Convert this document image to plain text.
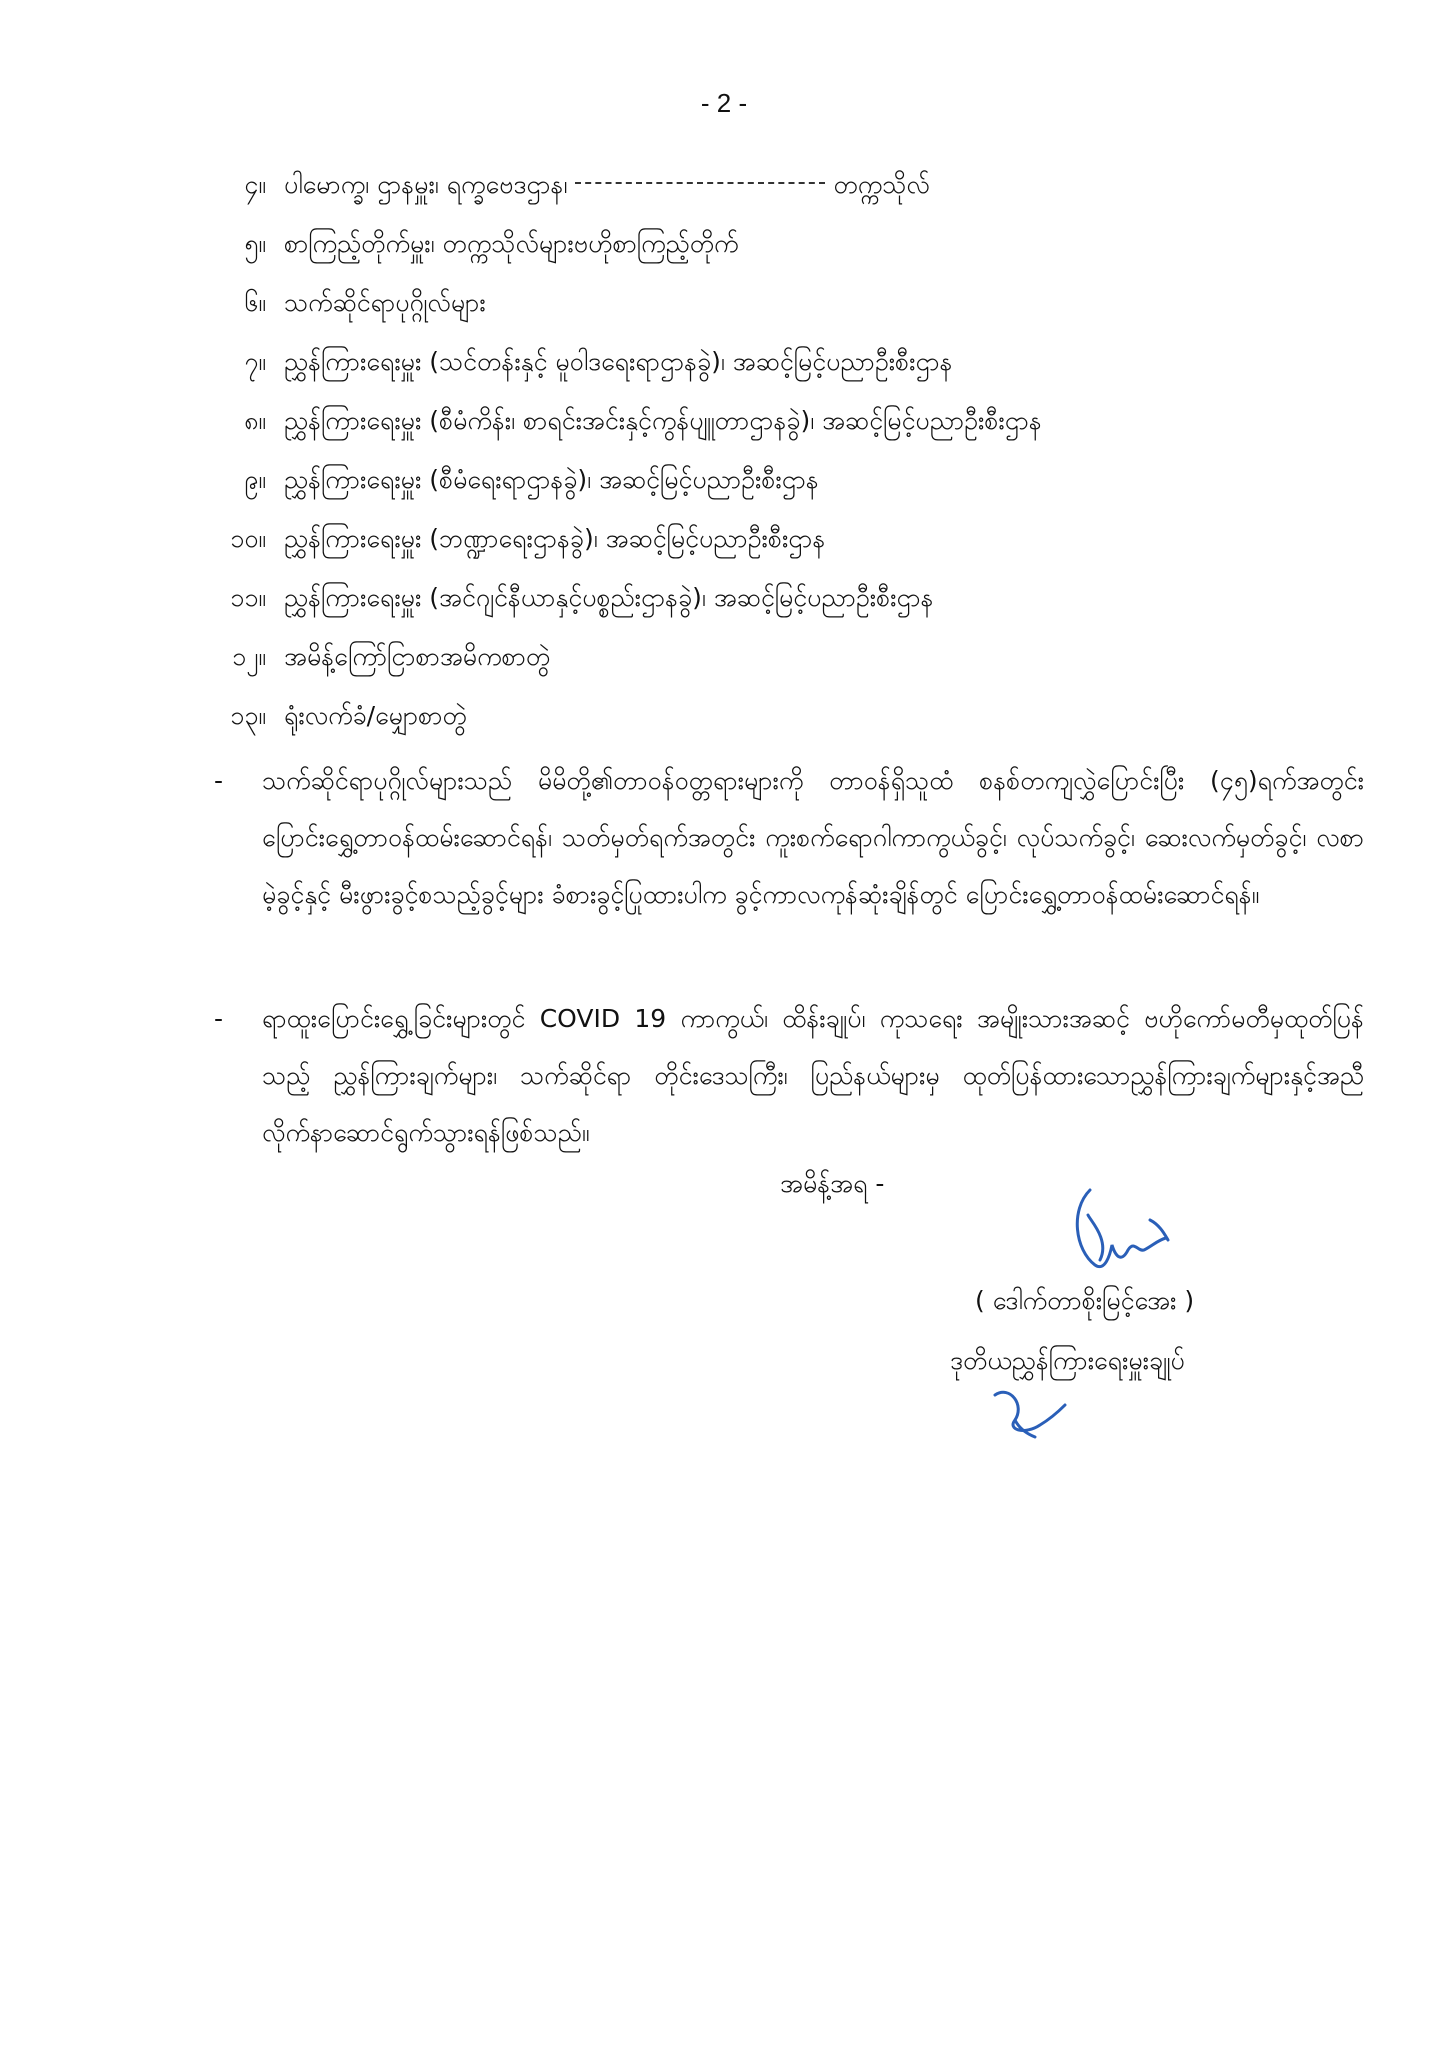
- 2 -
၄။ ပါမောက္ခ၊ ဌာနမှူး၊ ရက္ခဗေဒဌာန၊	တက္ကသိုလ်
၅။ စာကြည့်တိုက်မှူး၊ တက္ကသိုလ်များဗဟိုစာကြည့်တိုက်
၆။ သက်ဆိုင်ရာပုဂ္ဂိုလ်များ
၇။ ညွှန်ကြားရေးမှူး (သင်တန်းနှင့် မူဝါဒရေးရာဌာနခွဲ)၊ အဆင့်မြင့်ပညာဦးစီးဌာန
၈။ ညွှန်ကြားရေးမှူး (စီမံကိန်း၊ စာရင်းအင်းနှင့်ကွန်ပျူတာဌာနခွဲ)၊ အဆင့်မြင့်ပညာဦးစီးဌာန
၉။ ညွှန်ကြားရေးမှူး (စီမံရေးရာဌာနခွဲ)၊ အဆင့်မြင့်ပညာဦးစီးဌာန
၁၀။ ညွှန်ကြားရေးမှူး (ဘဏ္ဍာရေးဌာနခွဲ)၊ အဆင့်မြင့်ပညာဦးစီးဌာန
၁၁။ ညွှန်ကြားရေးမှူး (အင်ဂျင်နီယာနှင့်ပစ္စည်းဌာနခွဲ)၊ အဆင့်မြင့်ပညာဦးစီးဌာန
၁၂။ အမိန့်ကြော်ငြာစာအမိကစာတွဲ
၁၃။ ရုံးလက်ခံ/မျှောစာတွဲ
- သက်ဆိုင်ရာပုဂ္ဂိုလ်များသည် မိမိတို့၏တာဝန်ဝတ္တရားများကို တာဝန်ရှိသူထံ စနစ်တကျလွှဲပြောင်းပြီး (၄၅)ရက်အတွင်း ပြောင်းရွှေ့တာဝန်ထမ်းဆောင်ရန်၊ သတ်မှတ်ရက်အတွင်း ကူးစက်ရောဂါကာကွယ်ခွင့်၊ လုပ်သက်ခွင့်၊ ဆေးလက်မှတ်ခွင့်၊ လစာမဲ့ခွင့်နှင့် မီးဖွားခွင့်စသည့်ခွင့်များ ခံစားခွင့်ပြုထားပါက ခွင့်ကာလကုန်ဆုံးချိန်တွင် ပြောင်းရွှေ့တာဝန်ထမ်းဆောင်ရန်။
- ရာထူးပြောင်းရွှေ့ခြင်းများတွင် COVID 19 ကာကွယ်၊ ထိန်းချုပ်၊ ကုသရေး အမျိုးသားအဆင့် ဗဟိုကော်မတီမှထုတ်ပြန်သည့် ညွှန်ကြားချက်များ၊ သက်ဆိုင်ရာ တိုင်းဒေသကြီး၊ ပြည်နယ်များမှ ထုတ်ပြန်ထားသောညွှန်ကြားချက်များနှင့်အညီ လိုက်နာဆောင်ရွက်သွားရန်ဖြစ်သည်။
အမိန့်အရ -
( ဒေါက်တာစိုးမြင့်အေး )
ဒုတိယညွှန်ကြားရေးမှူးချုပ်
